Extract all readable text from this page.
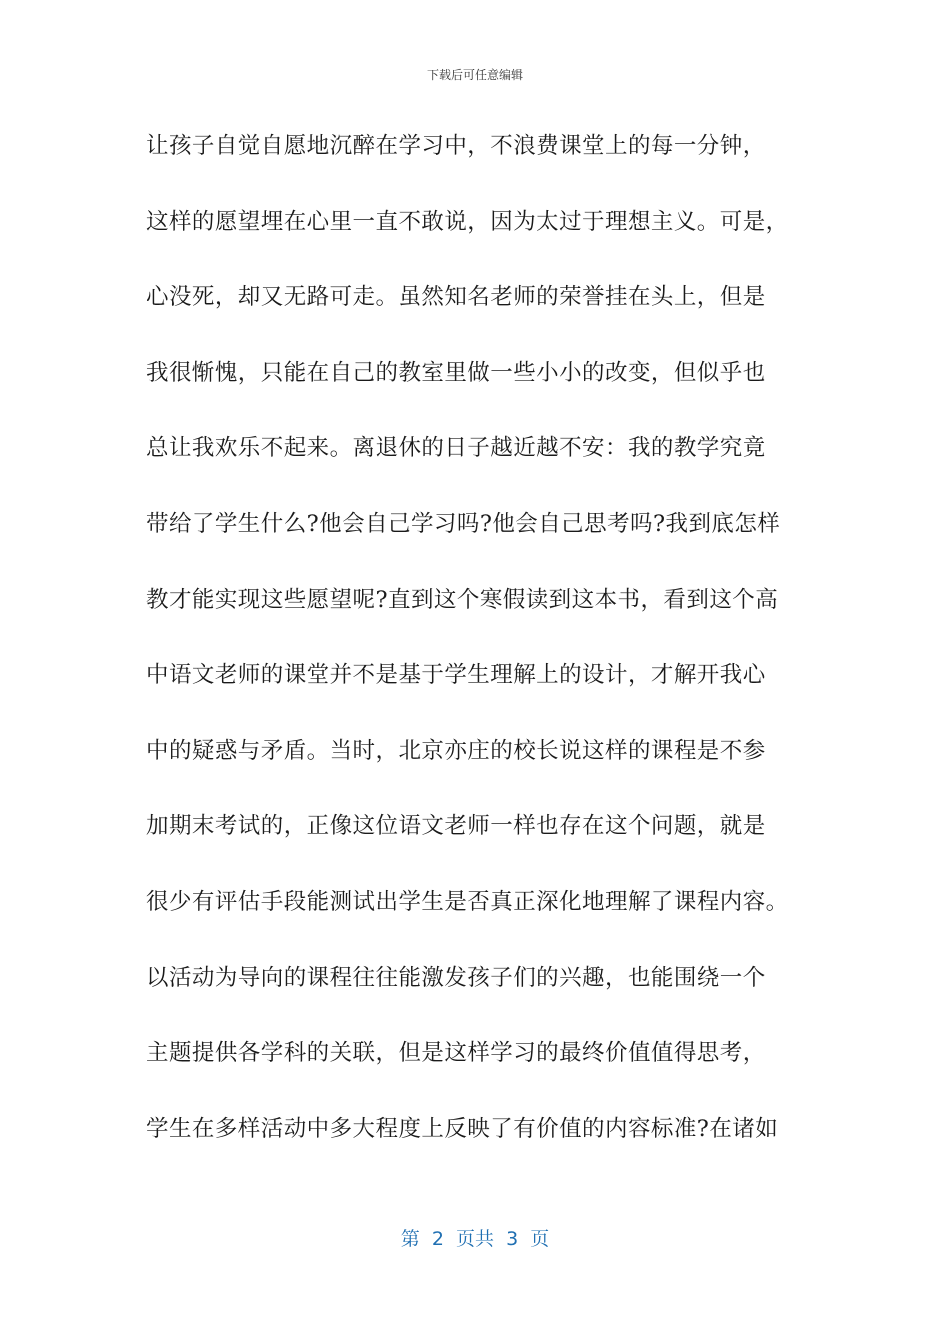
下载后可任意编辑
让孩子自觉自愿地沉醉在学习中，不浪费课堂上的每一分钟，
这样的愿望埋在心里一直不敢说，因为太过于理想主义。可是，
心没死，却又无路可走。虽然知名老师的荣誉挂在头上，但是
我很惭愧，只能在自己的教室里做一些小小的改变，但似乎也
总让我欢乐不起来。离退休的日子越近越不安：我的教学究竟
带给了学生什么?他会自己学习吗?他会自己思考吗?我到底怎样
教才能实现这些愿望呢?直到这个寒假读到这本书，看到这个高
中语文老师的课堂并不是基于学生理解上的设计，才解开我心
中的疑惑与矛盾。当时，北京亦庄的校长说这样的课程是不参
加期末考试的，正像这位语文老师一样也存在这个问题，就是
很少有评估手段能测试出学生是否真正深化地理解了课程内容。
以活动为导向的课程往往能激发孩子们的兴趣，也能围绕一个
主题提供各学科的关联，但是这样学习的最终价值值得思考，
学生在多样活动中多大程度上反映了有价值的内容标准?在诸如
第  2  页共  3  页
